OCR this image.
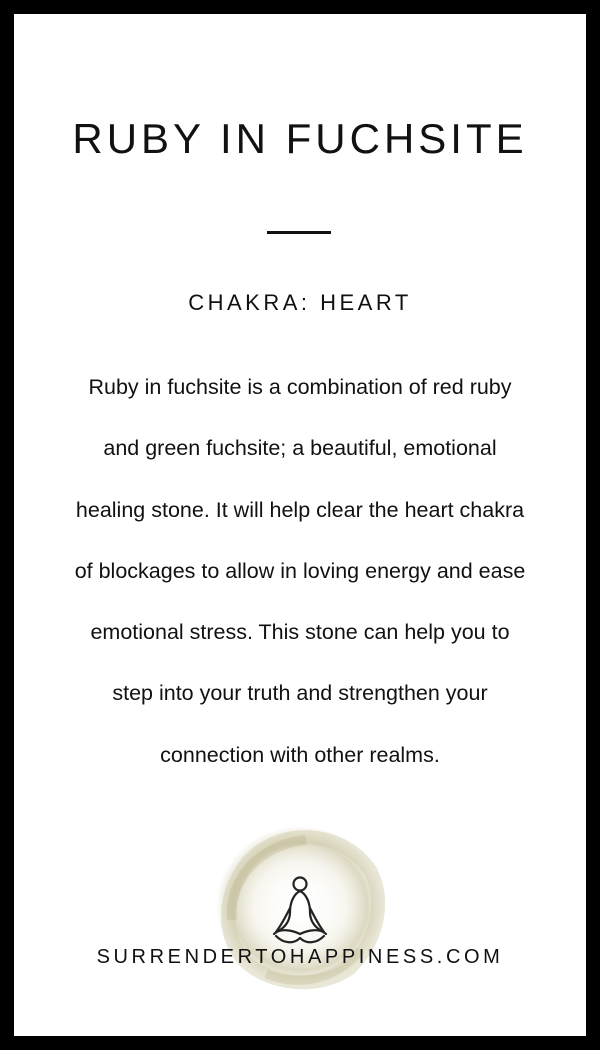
RUBY IN FUCHSITE
CHAKRA: HEART
Ruby in fuchsite is a combination of red ruby
and green fuchsite; a beautiful, emotional
healing stone. It will help clear the heart chakra
of blockages to allow in loving energy and ease
emotional stress. This stone can help you to
step into your truth and strengthen your
connection with other realms.
SURRENDERTOHAPPINESS.COM
